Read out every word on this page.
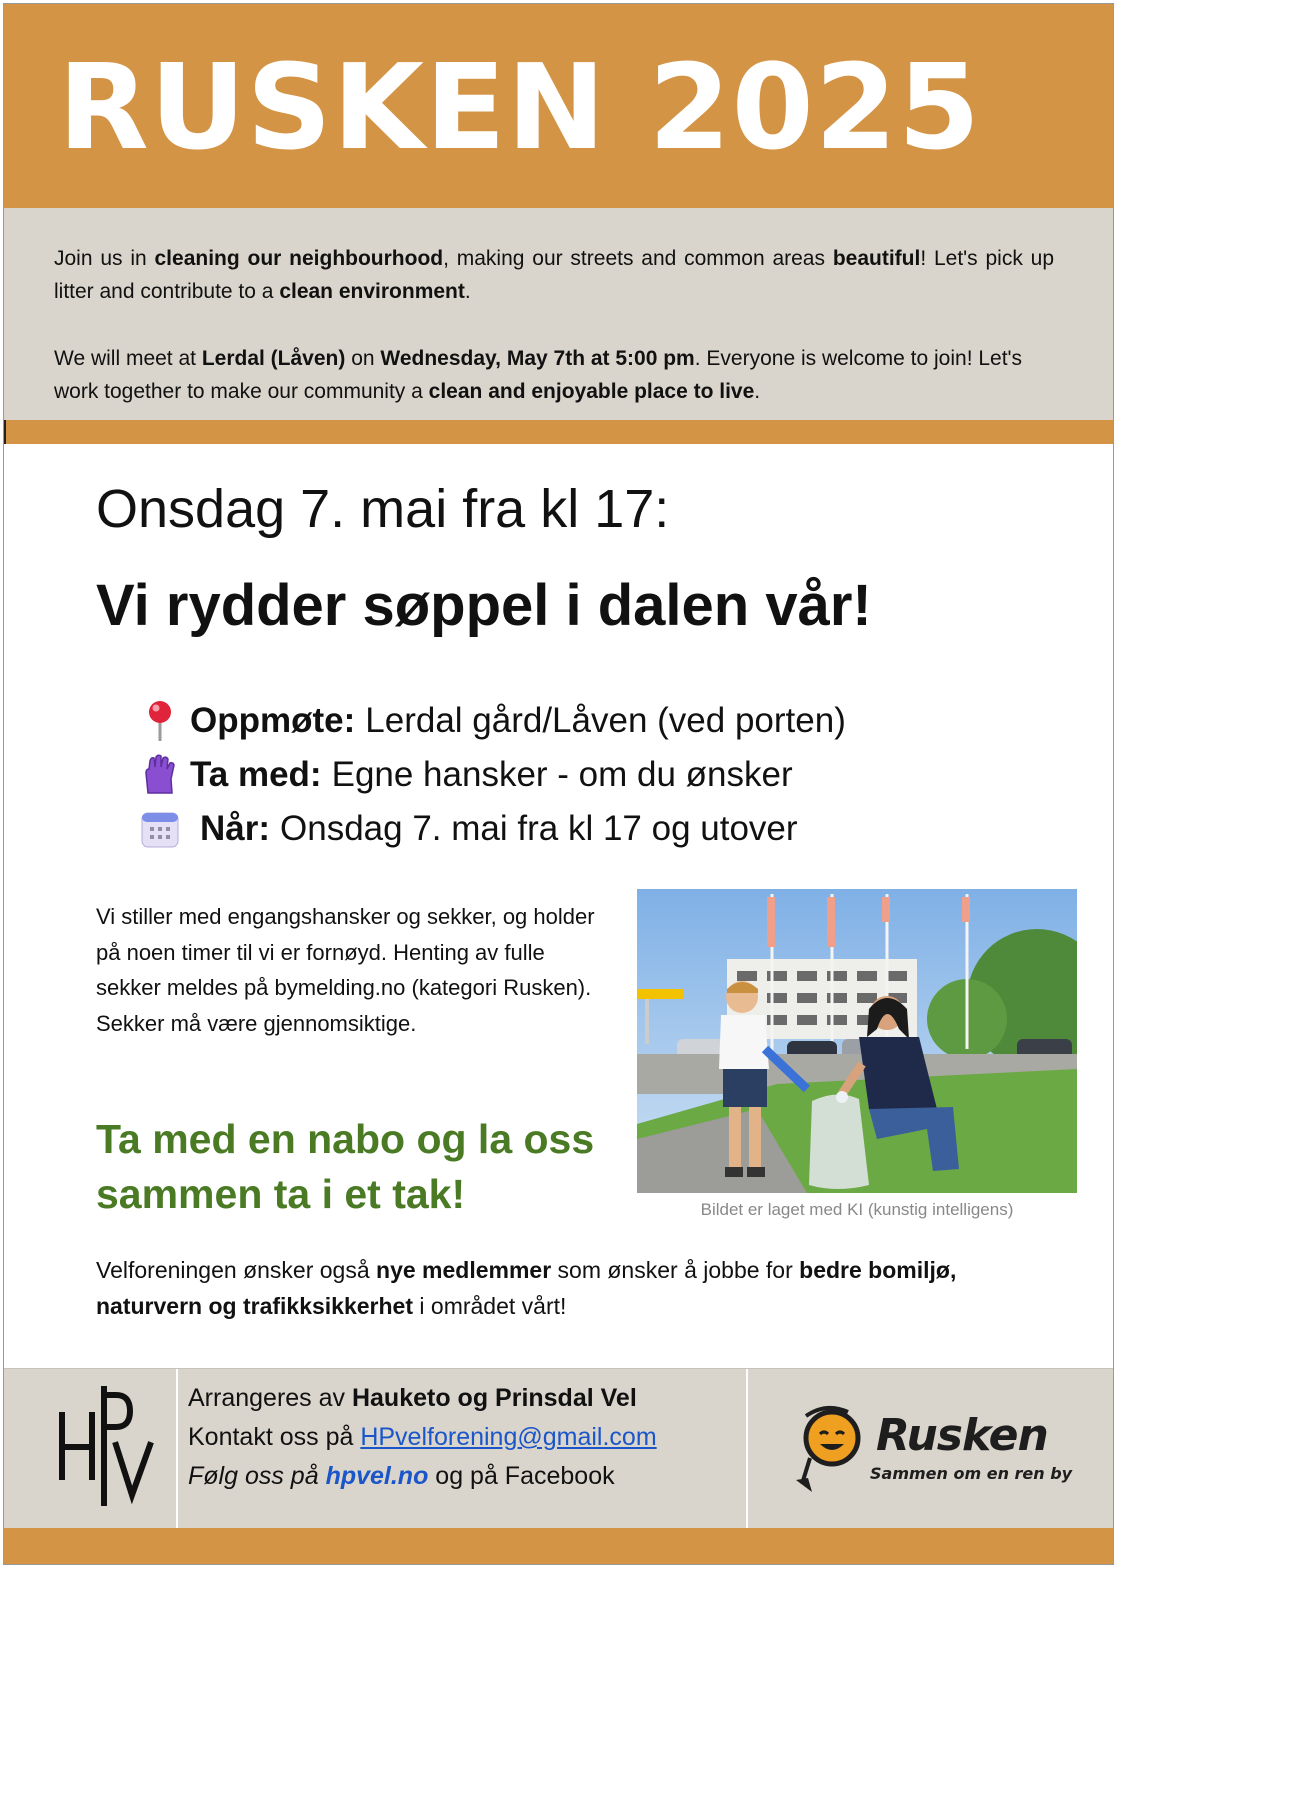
RUSKEN 2025

Join us in cleaning our neighbourhood, making our streets and common areas beautiful! Let's pick up litter and contribute to a clean environment.

We will meet at Lerdal (Låven) on Wednesday, May 7th at 5:00 pm. Everyone is welcome to join! Let's work together to make our community a clean and enjoyable place to live.

Onsdag 7. mai fra kl 17:
Vi rydder søppel i dalen vår!
Oppmøte: Lerdal gård/Låven (ved porten)
Ta med: Egne hansker - om du ønsker
Når: Onsdag 7. mai fra kl 17 og utover

Vi stiller med engangshansker og sekker, og holder på noen timer til vi er fornøyd. Henting av fulle sekker meldes på bymelding.no (kategori Rusken). Sekker må være gjennomsiktige.

Ta med en nabo og la oss sammen ta i et tak!	Bildet er laget med KI (kunstig intelligens)

Velforeningen ønsker også nye medlemmer som ønsker å jobbe for bedre bomiljø, naturvern og trafikksikkerhet i området vårt!

Arrangeres av Hauketo og Prinsdal Vel
Kontakt oss på HPvelforening@gmail.com
Følg oss på hpvel.no og på Facebook
Rusken
Sammen om en ren by
